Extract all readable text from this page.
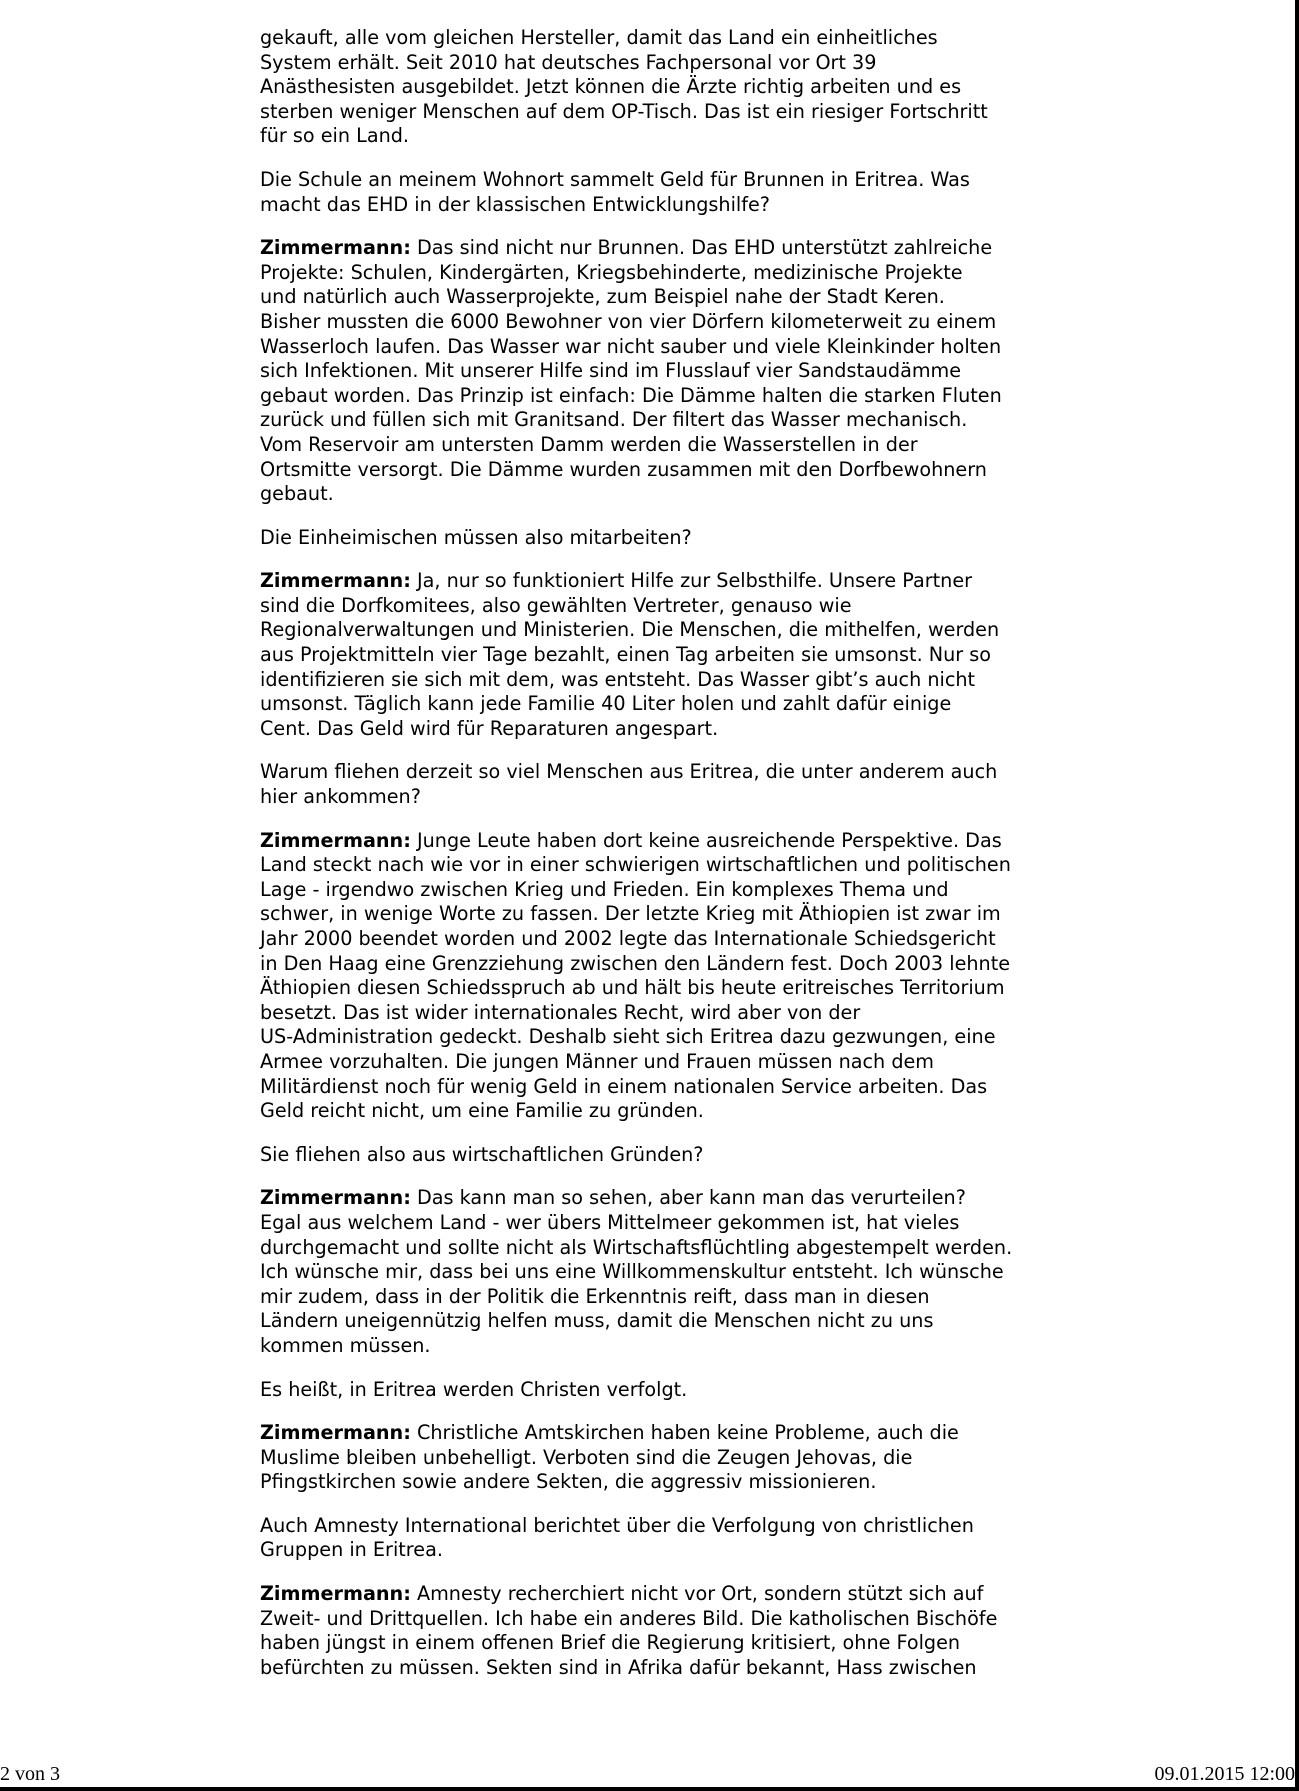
gekauft, alle vom gleichen Hersteller, damit das Land ein einheitliches
System erhält. Seit 2010 hat deutsches Fachpersonal vor Ort 39
Anästhesisten ausgebildet. Jetzt können die Ärzte richtig arbeiten und es
sterben weniger Menschen auf dem OP-Tisch. Das ist ein riesiger Fortschritt
für so ein Land.

Die Schule an meinem Wohnort sammelt Geld für Brunnen in Eritrea. Was
macht das EHD in der klassischen Entwicklungshilfe?

Zimmermann: Das sind nicht nur Brunnen. Das EHD unterstützt zahlreiche
Projekte: Schulen, Kindergärten, Kriegsbehinderte, medizinische Projekte
und natürlich auch Wasserprojekte, zum Beispiel nahe der Stadt Keren.
Bisher mussten die 6000 Bewohner von vier Dörfern kilometerweit zu einem
Wasserloch laufen. Das Wasser war nicht sauber und viele Kleinkinder holten
sich Infektionen. Mit unserer Hilfe sind im Flusslauf vier Sandstaudämme
gebaut worden. Das Prinzip ist einfach: Die Dämme halten die starken Fluten
zurück und füllen sich mit Granitsand. Der filtert das Wasser mechanisch.
Vom Reservoir am untersten Damm werden die Wasserstellen in der
Ortsmitte versorgt. Die Dämme wurden zusammen mit den Dorfbewohnern
gebaut.

Die Einheimischen müssen also mitarbeiten?

Zimmermann: Ja, nur so funktioniert Hilfe zur Selbsthilfe. Unsere Partner
sind die Dorfkomitees, also gewählten Vertreter, genauso wie
Regionalverwaltungen und Ministerien. Die Menschen, die mithelfen, werden
aus Projektmitteln vier Tage bezahlt, einen Tag arbeiten sie umsonst. Nur so
identifizieren sie sich mit dem, was entsteht. Das Wasser gibt’s auch nicht
umsonst. Täglich kann jede Familie 40 Liter holen und zahlt dafür einige
Cent. Das Geld wird für Reparaturen angespart.

Warum fliehen derzeit so viel Menschen aus Eritrea, die unter anderem auch
hier ankommen?

Zimmermann: Junge Leute haben dort keine ausreichende Perspektive. Das
Land steckt nach wie vor in einer schwierigen wirtschaftlichen und politischen
Lage - irgendwo zwischen Krieg und Frieden. Ein komplexes Thema und
schwer, in wenige Worte zu fassen. Der letzte Krieg mit Äthiopien ist zwar im
Jahr 2000 beendet worden und 2002 legte das Internationale Schiedsgericht
in Den Haag eine Grenzziehung zwischen den Ländern fest. Doch 2003 lehnte
Äthiopien diesen Schiedsspruch ab und hält bis heute eritreisches Territorium
besetzt. Das ist wider internationales Recht, wird aber von der
US-Administration gedeckt. Deshalb sieht sich Eritrea dazu gezwungen, eine
Armee vorzuhalten. Die jungen Männer und Frauen müssen nach dem
Militärdienst noch für wenig Geld in einem nationalen Service arbeiten. Das
Geld reicht nicht, um eine Familie zu gründen.

Sie fliehen also aus wirtschaftlichen Gründen?

Zimmermann: Das kann man so sehen, aber kann man das verurteilen?
Egal aus welchem Land - wer übers Mittelmeer gekommen ist, hat vieles
durchgemacht und sollte nicht als Wirtschaftsflüchtling abgestempelt werden.
Ich wünsche mir, dass bei uns eine Willkommenskultur entsteht. Ich wünsche
mir zudem, dass in der Politik die Erkenntnis reift, dass man in diesen
Ländern uneigennützig helfen muss, damit die Menschen nicht zu uns
kommen müssen.

Es heißt, in Eritrea werden Christen verfolgt.

Zimmermann: Christliche Amtskirchen haben keine Probleme, auch die
Muslime bleiben unbehelligt. Verboten sind die Zeugen Jehovas, die
Pfingstkirchen sowie andere Sekten, die aggressiv missionieren.

Auch Amnesty International berichtet über die Verfolgung von christlichen
Gruppen in Eritrea.

Zimmermann: Amnesty recherchiert nicht vor Ort, sondern stützt sich auf
Zweit- und Drittquellen. Ich habe ein anderes Bild. Die katholischen Bischöfe
haben jüngst in einem offenen Brief die Regierung kritisiert, ohne Folgen
befürchten zu müssen. Sekten sind in Afrika dafür bekannt, Hass zwischen

2 von 3	09.01.2015 12:00
